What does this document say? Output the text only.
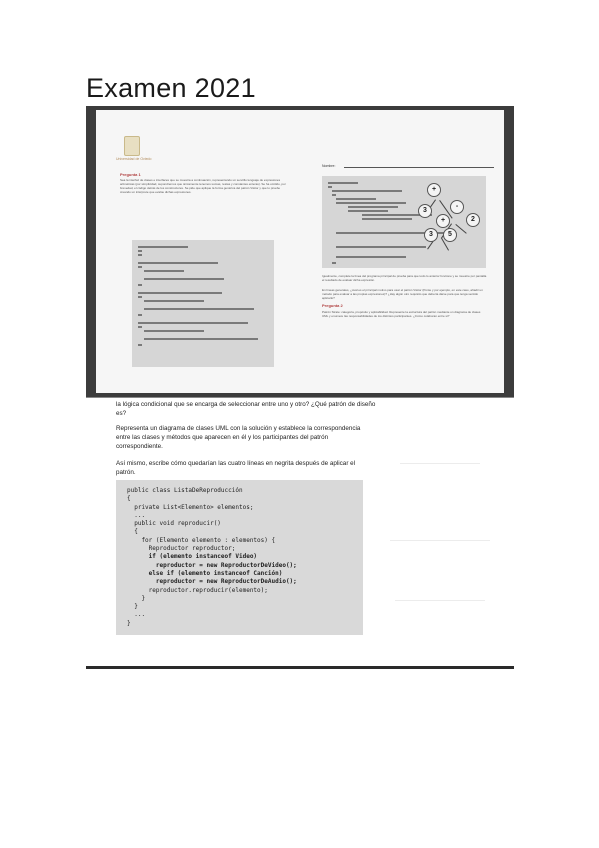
Examen 2021
Universidad de Oviedo
Pregunta 1
Sea la interfaz de clases e interfaces que se muestra a continuación, representando un sencillo lenguaje de expresiones aritméticas (por simplicidad, supondremos que únicamente tenemos sumas, restas y constantes enteras). Se ha omitido, por brevedad, el código detrás de los constructores. Se pide que aplique la forma genérica del patrón Visitor y que lo pruebe creando un intérprete que evalúe dichas expresiones.
Nombre:
+
-
3
+	2
3	5
Igualmente, complete la línea del programa principal de prueba para que todo lo anterior funcione y se muestre por pantalla el resultado de evaluar dicha expresión.
En líneas generales, ¿cuál es el principal motivo para usar el patrón Visitor (Ponte y por ejemplo, en este caso, añadir un método para evaluar a las propias expresiones)? ¿Hay algún otro requisito que debería darse para que tenga sentido aplicarlo?
Pregunta 2
Patrón Strate: categoría, propósito y aplicabilidad. Represente la estructura del patrón mediante un diagrama de clases UML y enumere las responsabilidades de los distintos participantes. ¿Cómo colaboran entre sí?
la lógica condicional que se encarga de seleccionar entre uno y otro? ¿Qué patrón de diseño es?
Representa un diagrama de clases UML con la solución y establece la correspondencia entre las clases y métodos que aparecen en él y los participantes del patrón correspondiente.
Así mismo, escribe cómo quedarían las cuatro líneas en negrita después de aplicar el patrón.
public class ListaDeReproducción
{
private List<Elemento> elementos;
...
public void reproducir()
{
for (Elemento elemento : elementos) {
Reproductor reproductor;
if (elemento instanceof Video)
reproductor = new ReproductorDeVideo();
else if (elemento instanceof Canción)
reproductor = new ReproductorDeAudio();
reproductor.reproducir(elemento);
}
}
...
}
